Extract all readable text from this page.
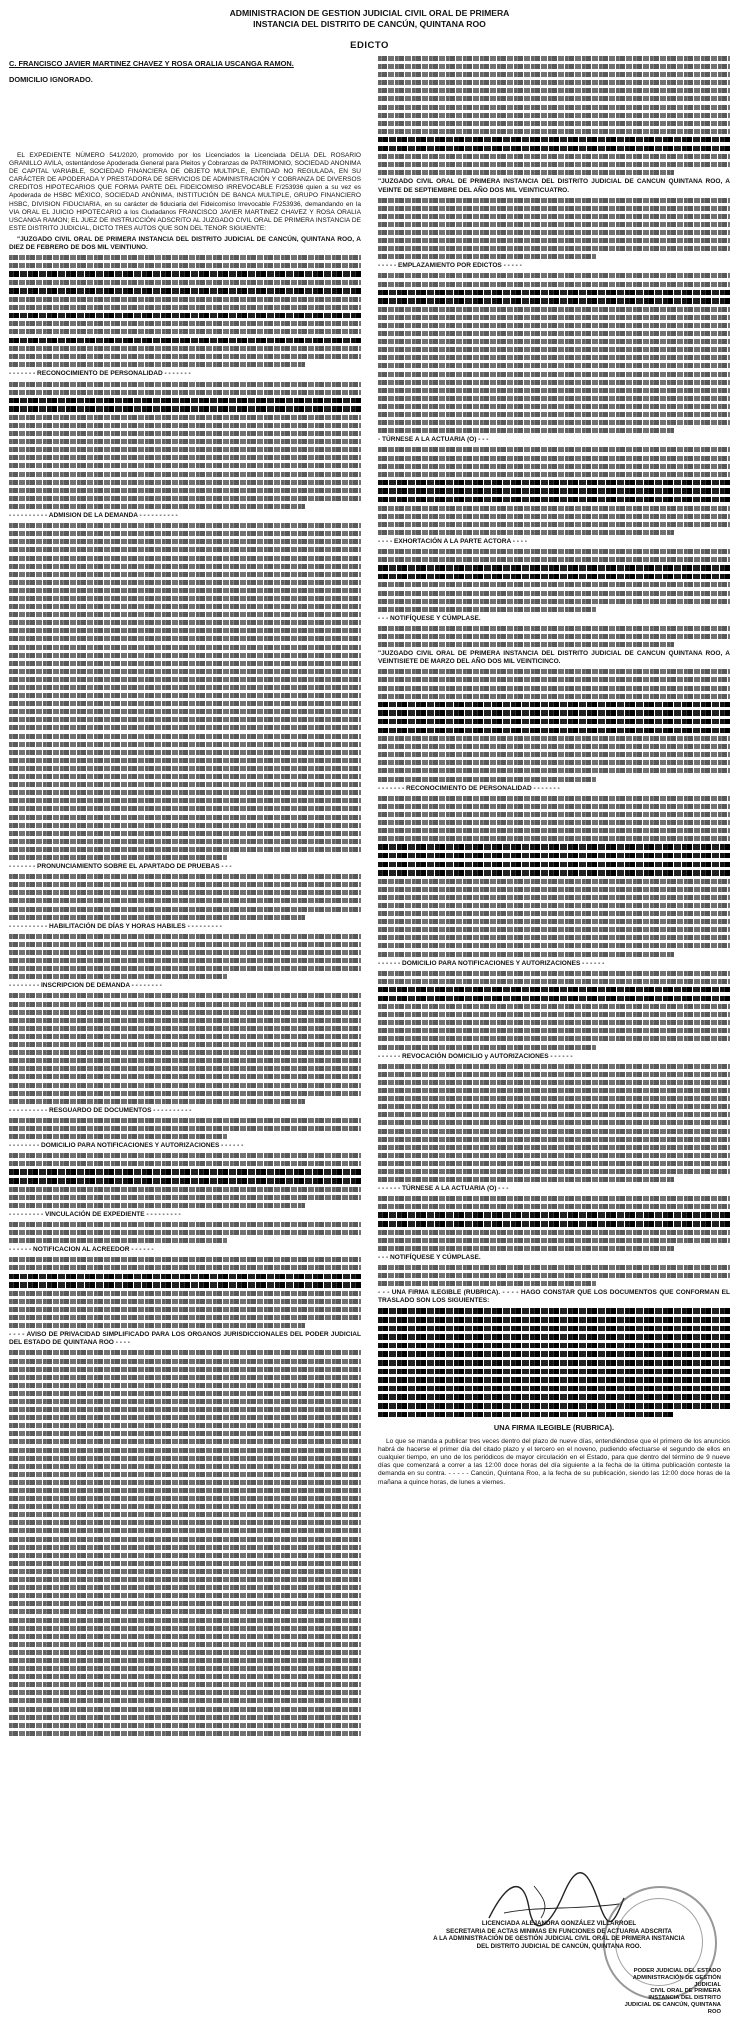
ADMINISTRACION DE GESTION JUDICIAL CIVIL ORAL DE PRIMERA
INSTANCIA DEL DISTRITO DE CANCÚN, QUINTANA ROO
EDICTO

C. FRANCISCO JAVIER MARTINEZ CHAVEZ Y ROSA ORALIA USCANGA RAMON.

DOMICILIO IGNORADO.

EL EXPEDIENTE NÚMERO 541/2020, promovido por los Licenciados la Licenciada DELIA DEL ROSARIO GRANILLO AVILA, ostentándose Apoderada General para Pleitos y Cobranzas de PATRIMONIO, SOCIEDAD ANONIMA DE CAPITAL VARIABLE, SOCIEDAD FINANCIERA DE OBJETO MULTIPLE, ENTIDAD NO REGULADA, EN SU CARÁCTER DE APODERADA Y PRESTADORA DE SERVICIOS DE ADMINISTRACIÓN Y COBRANZA DE DIVERSOS CREDITOS HIPOTECARIOS QUE FORMA PARTE DEL FIDEICOMISO IRREVOCABLE F/253936 quien a su vez es Apoderada de HSBC MÉXICO, SOCIEDAD ANÓNIMA, INSTITUCIÓN DE BANCA MULTIPLE, GRUPO FINANCIERO HSBC, DIVISION FIDUCIARIA, en su carácter de fiduciaria del Fideicomiso Irrevocable F/253936, demandando en la VIA ORAL EL JUICIO HIPOTECARIO a los Ciudadanos FRANCISCO JAVIER MARTINEZ CHAVEZ Y ROSA ORALIA USCANGA RAMON; EL JUEZ DE INSTRUCCIÓN ADSCRITO AL JUZGADO CIVIL ORAL DE PRIMERA INSTANCIA DE ESTE DISTRITO JUDICIAL, DICTO TRES AUTOS QUE SON DEL TENOR SIGUIENTE:

"JUZGADO CIVIL ORAL DE PRIMERA INSTANCIA DEL DISTRITO JUDICIAL DE CANCÚN, QUINTANA ROO, A DIEZ DE FEBRERO DE DOS MIL VEINTIUNO.

- - - - - - - RECONOCIMIENTO DE PERSONALIDAD - - - - - - -

- - - - - - - - - - ADMISION DE LA DEMANDA - - - - - - - - - -

- - - - - - - PRONUNCIAMIENTO SOBRE EL APARTADO DE PRUEBAS - - -

- - - - - - - - - - HABILITACIÓN DE DÍAS Y HORAS HABILES - - - - - - - - -

- - - - - - - - INSCRIPCION DE DEMANDA - - - - - - - -

- - - - - - - - - - RESGUARDO DE DOCUMENTOS - - - - - - - - - -

- - - - - - - - DOMICILIO PARA NOTIFICACIONES Y AUTORIZACIONES - - - - - -

- - - - - - - - - VINCULACIÓN DE EXPEDIENTE - - - - - - - - -

- - - - - - NOTIFICACION AL ACREEDOR - - - - - -

- - - - AVISO DE PRIVACIDAD SIMPLIFICADO PARA LOS ORGANOS JURISDICCIONALES DEL PODER JUDICIAL DEL ESTADO DE QUINTANA ROO - - - -

"JUZGADO CIVIL ORAL DE PRIMERA INSTANCIA DEL DISTRITO JUDICIAL DE CANCUN QUINTANA ROO, A VEINTE DE SEPTIEMBRE DEL AÑO DOS MIL VEINTICUATRO.

- - - - - EMPLAZAMIENTO POR EDICTOS - - - - -

- TÚRNESE A LA ACTUARIA (O) - - -

- - - - EXHORTACIÓN A LA PARTE ACTORA - - - -

- - - NOTIFÍQUESE Y CÚMPLASE.

"JUZGADO CIVIL ORAL DE PRIMERA INSTANCIA DEL DISTRITO JUDICIAL DE CANCUN QUINTANA ROO, A VEINTISIETE DE MARZO DEL AÑO DOS MIL VEINTICINCO.

- - - - - - - RECONOCIMIENTO DE PERSONALIDAD - - - - - - -

- - - - - - DOMICILIO PARA NOTIFICACIONES Y AUTORIZACIONES - - - - - -

- - - - - - REVOCACIÓN DOMICILIO y AUTORIZACIONES - - - - - -

- - - - - - TÚRNESE A LA ACTUARIA (O) - - -

- - - NOTIFÍQUESE Y CÚMPLASE.

- - - UNA FIRMA ILEGIBLE (RUBRICA). - - - - HAGO CONSTAR QUE LOS DOCUMENTOS QUE CONFORMAN EL TRASLADO SON LOS SIGUIENTES:

UNA FIRMA ILEGIBLE (RUBRICA).

Lo que se manda a publicar tres veces dentro del plazo de nueve días, entendiéndose que el primero de los anuncios habrá de hacerse el primer día del citado plazo y el tercero en el noveno, pudiendo efectuarse el segundo de ellos en cualquier tiempo, en uno de los periódicos de mayor circulación en el Estado, para que dentro del término de 9 nueve días que comenzará a correr a las 12:00 doce horas del día siguiente a la fecha de la última publicación conteste la demanda en su contra. - - - - - Cancún, Quintana Roo, a la fecha de su publicación, siendo las 12:00 doce horas de la mañana a quince horas, de lunes a viernes.

LICENCIADA ALEJANDRA GONZÁLEZ VILLARROEL
SECRETARIA DE ACTAS MINIMAS EN FUNCIONES DE ACTUARIA ADSCRITA
A LA ADMINISTRACIÓN DE GESTIÓN JUDICIAL CIVIL ORAL DE PRIMERA INSTANCIA
DEL DISTRITO JUDICIAL DE CANCÚN, QUINTANA ROO.
PODER JUDICIAL DEL ESTADO
ADMINISTRACIÓN DE GESTIÓN JUDICIAL
CIVIL ORAL DE PRIMERA INSTANCIA DEL DISTRITO
JUDICIAL DE CANCÚN, QUINTANA ROO
